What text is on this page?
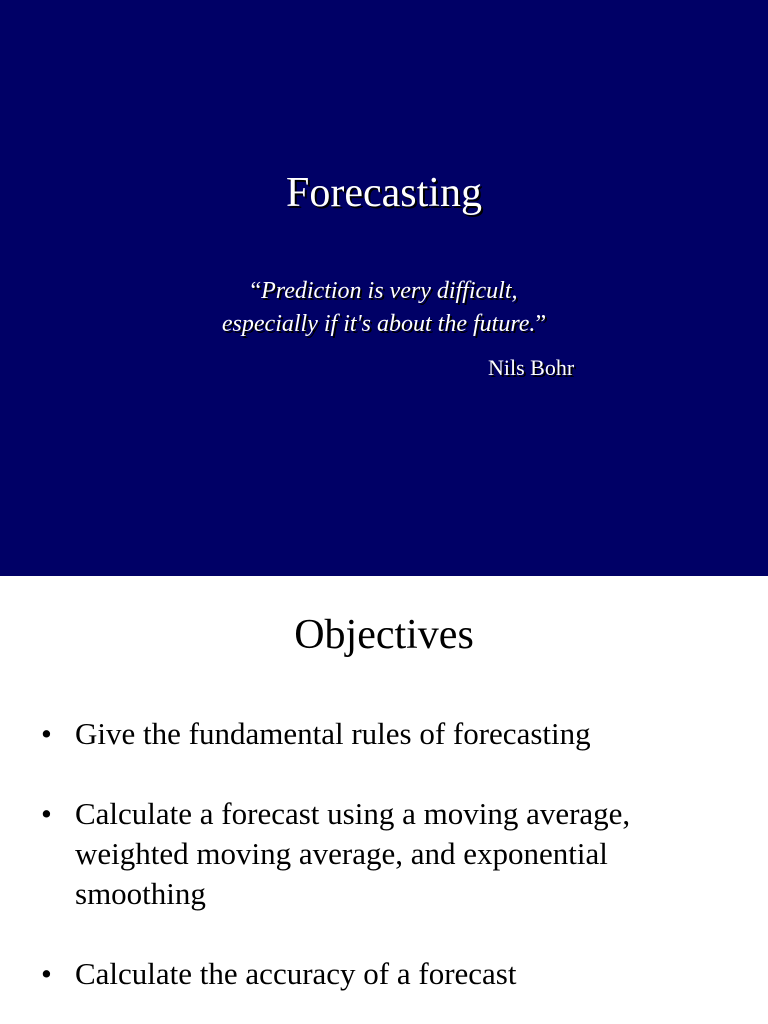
Forecasting
“Prediction is very difficult,
especially if it's about the future.”
Nils Bohr
Objectives
• Give the fundamental rules of forecasting
• Calculate a forecast using a moving average, weighted moving average, and exponential smoothing
• Calculate the accuracy of a forecast
